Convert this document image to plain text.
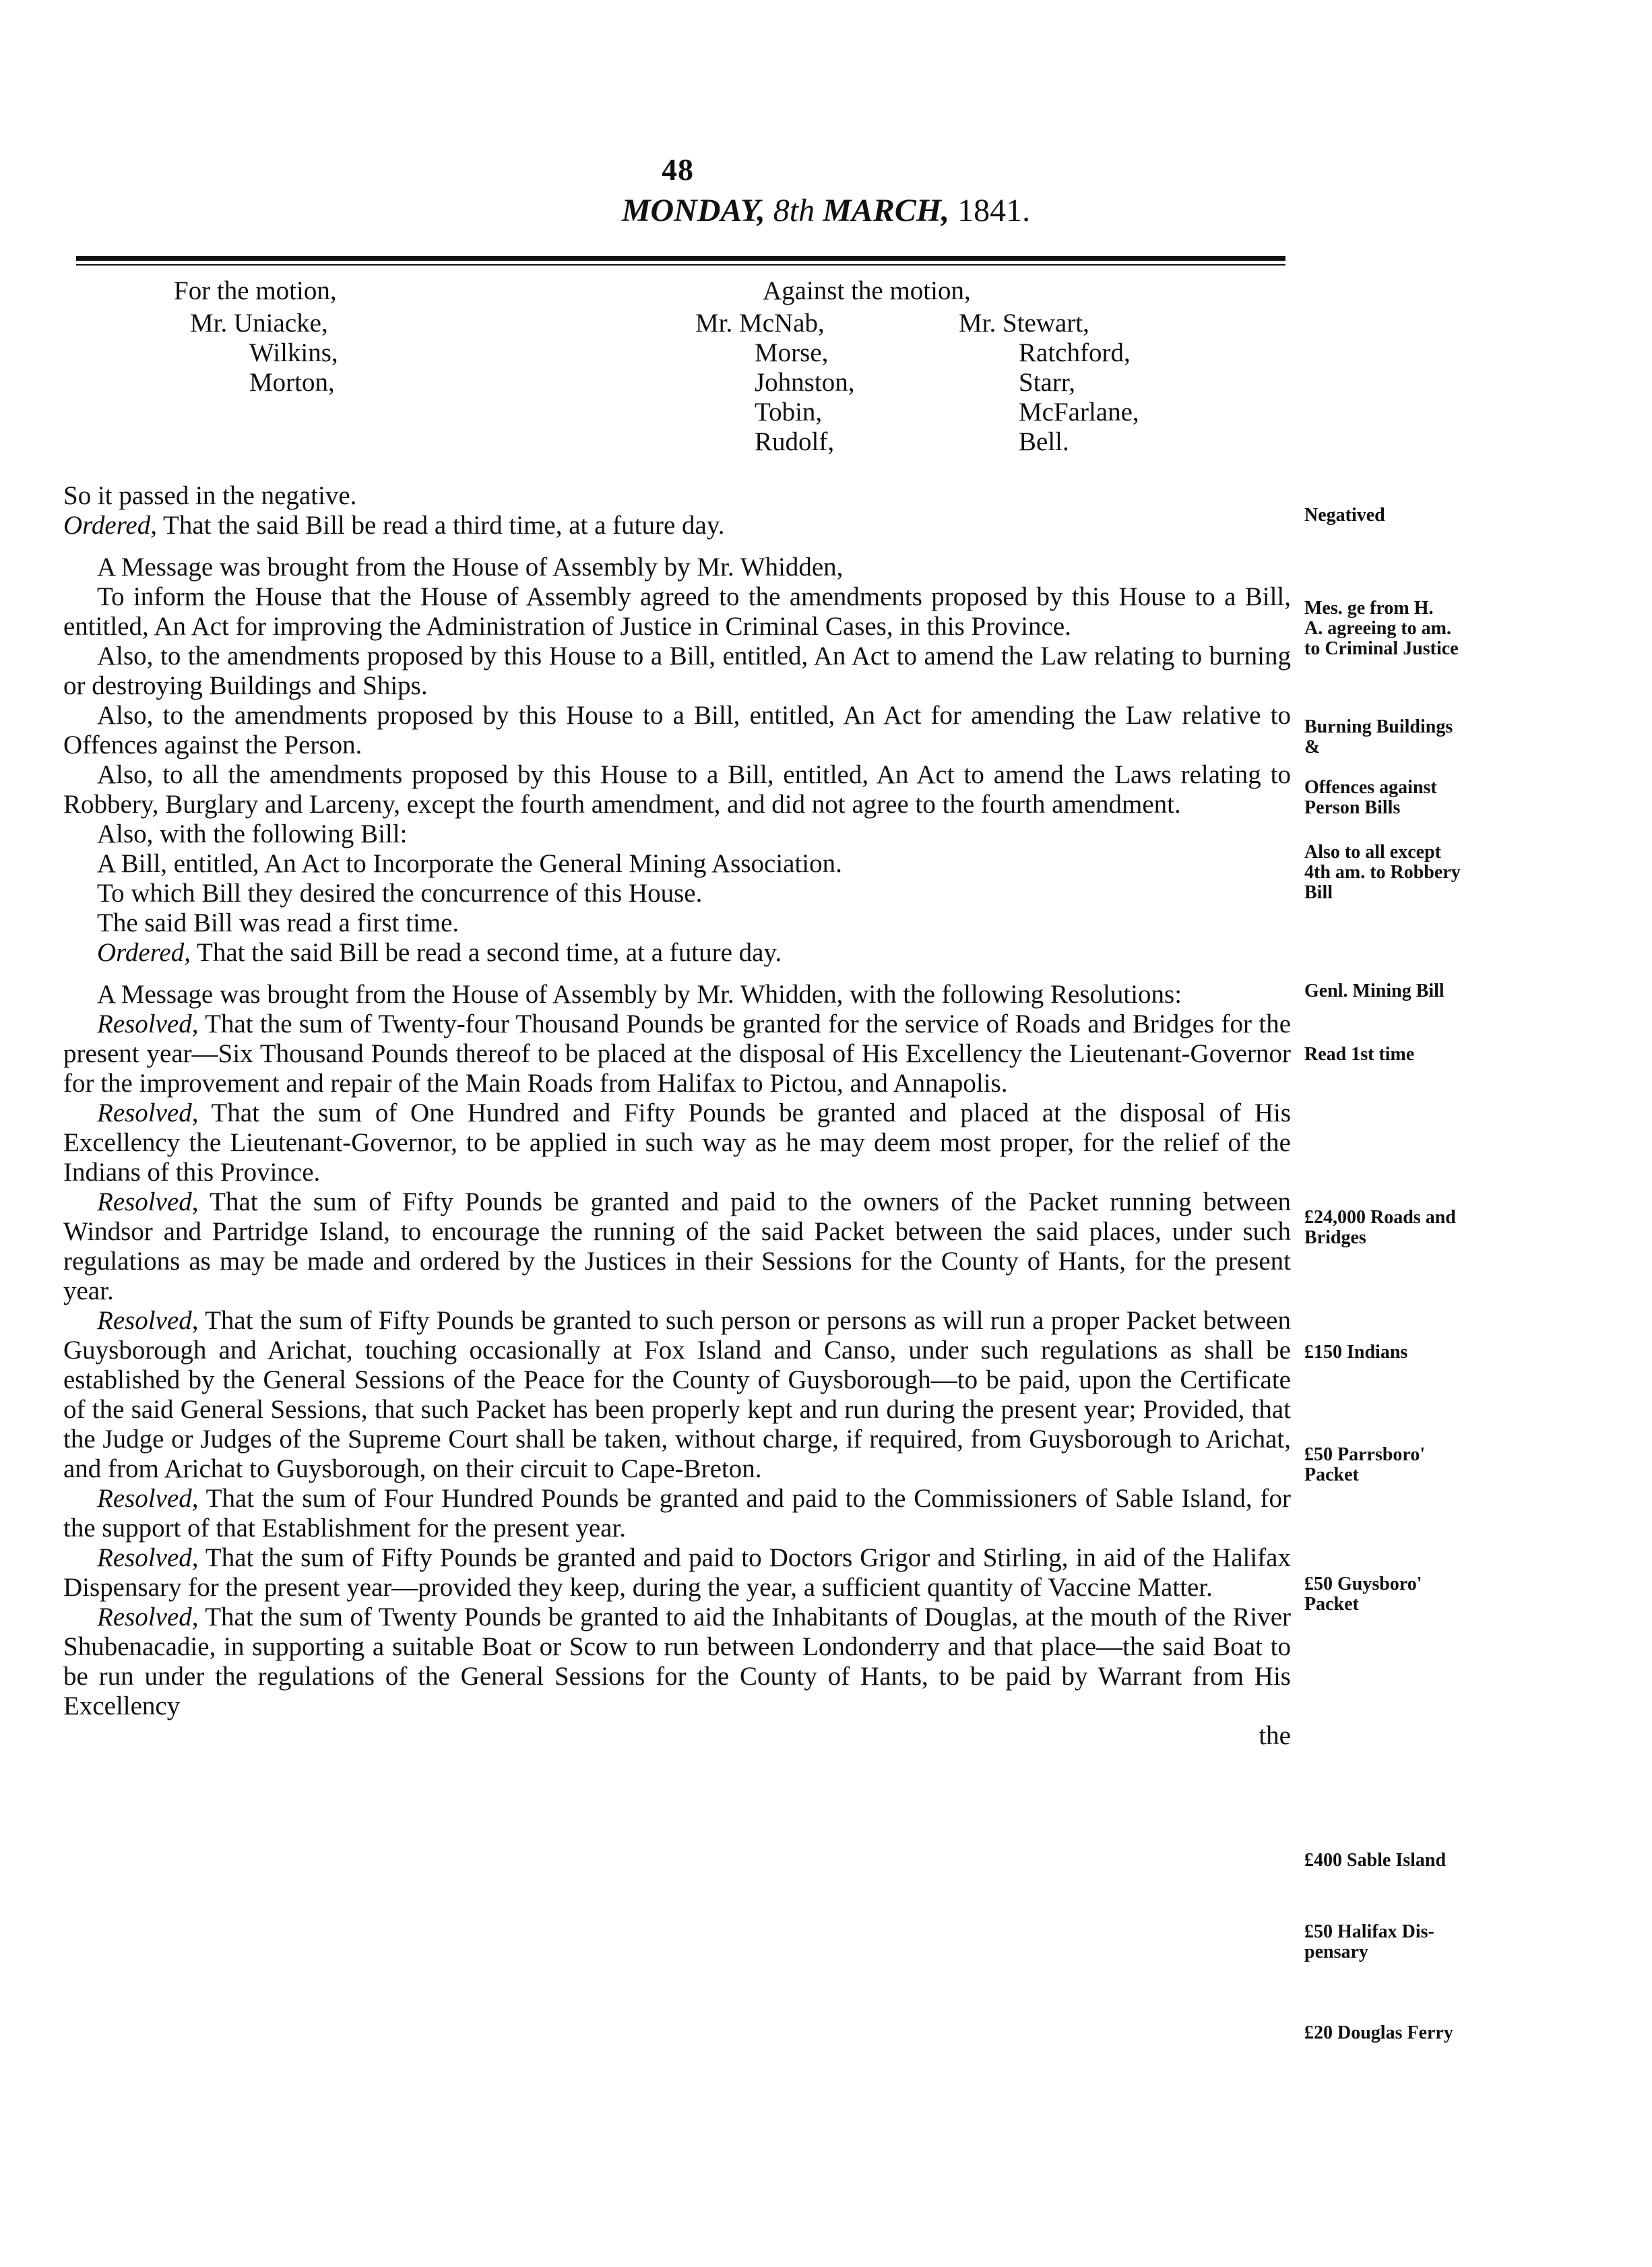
48
MONDAY, 8th MARCH, 1841.
For the motion,
Mr. Uniacke,
Wilkins,
Morton,
Against the motion,
Mr. McNab,
Morse,
Johnston,
Tobin,
Rudolf,
Mr. Stewart,
Ratchford,
Starr,
McFarlane,
Bell.

So it passed in the negative.

Ordered, That the said Bill be read a third time, at a future day.

A Message was brought from the House of Assembly by Mr. Whidden,

To inform the House that the House of Assembly agreed to the amendments proposed by this House to a Bill, entitled, An Act for improving the Administration of Justice in Criminal Cases, in this Province.

Also, to the amendments proposed by this House to a Bill, entitled, An Act to amend the Law relating to burning or destroying Buildings and Ships.

Also, to the amendments proposed by this House to a Bill, entitled, An Act for amending the Law relative to Offences against the Person.

Also, to all the amendments proposed by this House to a Bill, entitled, An Act to amend the Laws relating to Robbery, Burglary and Larceny, except the fourth amendment, and did not agree to the fourth amendment.

Also, with the following Bill:

A Bill, entitled, An Act to Incorporate the General Mining Association.

To which Bill they desired the concurrence of this House.

The said Bill was read a first time.

Ordered, That the said Bill be read a second time, at a future day.

A Message was brought from the House of Assembly by Mr. Whidden, with the following Resolutions:

Resolved, That the sum of Twenty-four Thousand Pounds be granted for the service of Roads and Bridges for the present year—Six Thousand Pounds thereof to be placed at the disposal of His Excellency the Lieutenant-Governor for the improvement and repair of the Main Roads from Halifax to Pictou, and Annapolis.

Resolved, That the sum of One Hundred and Fifty Pounds be granted and placed at the disposal of His Excellency the Lieutenant-Governor, to be applied in such way as he may deem most proper, for the relief of the Indians of this Province.

Resolved, That the sum of Fifty Pounds be granted and paid to the owners of the Packet running between Windsor and Partridge Island, to encourage the running of the said Packet between the said places, under such regulations as may be made and ordered by the Justices in their Sessions for the County of Hants, for the present year.

Resolved, That the sum of Fifty Pounds be granted to such person or persons as will run a proper Packet between Guysborough and Arichat, touching occasionally at Fox Island and Canso, under such regulations as shall be established by the General Sessions of the Peace for the County of Guysborough—to be paid, upon the Certificate of the said General Sessions, that such Packet has been properly kept and run during the present year; Provided, that the Judge or Judges of the Supreme Court shall be taken, without charge, if required, from Guysborough to Arichat, and from Arichat to Guysborough, on their circuit to Cape-Breton.

Resolved, That the sum of Four Hundred Pounds be granted and paid to the Commissioners of Sable Island, for the support of that Establishment for the present year.

Resolved, That the sum of Fifty Pounds be granted and paid to Doctors Grigor and Stirling, in aid of the Halifax Dispensary for the present year—provided they keep, during the year, a sufficient quantity of Vaccine Matter.

Resolved, That the sum of Twenty Pounds be granted to aid the Inhabitants of Douglas, at the mouth of the River Shubenacadie, in supporting a suitable Boat or Scow to run between Londonderry and that place—the said Boat to be run under the regulations of the General Sessions for the County of Hants, to be paid by Warrant from His Excellency

the

Negatived
Mes. ge from H.
A. agreeing to am.
to Criminal Justice
Burning Buildings
&
Offences against
Person Bills
Also to all except
4th am. to Robbery
Bill
Genl. Mining Bill
Read 1st time
£24,000 Roads and
Bridges
£150 Indians
£50 Parrsboro'
Packet
£50 Guysboro'
Packet
£400 Sable Island
£50 Halifax Dis-
pensary
£20 Douglas Ferry
